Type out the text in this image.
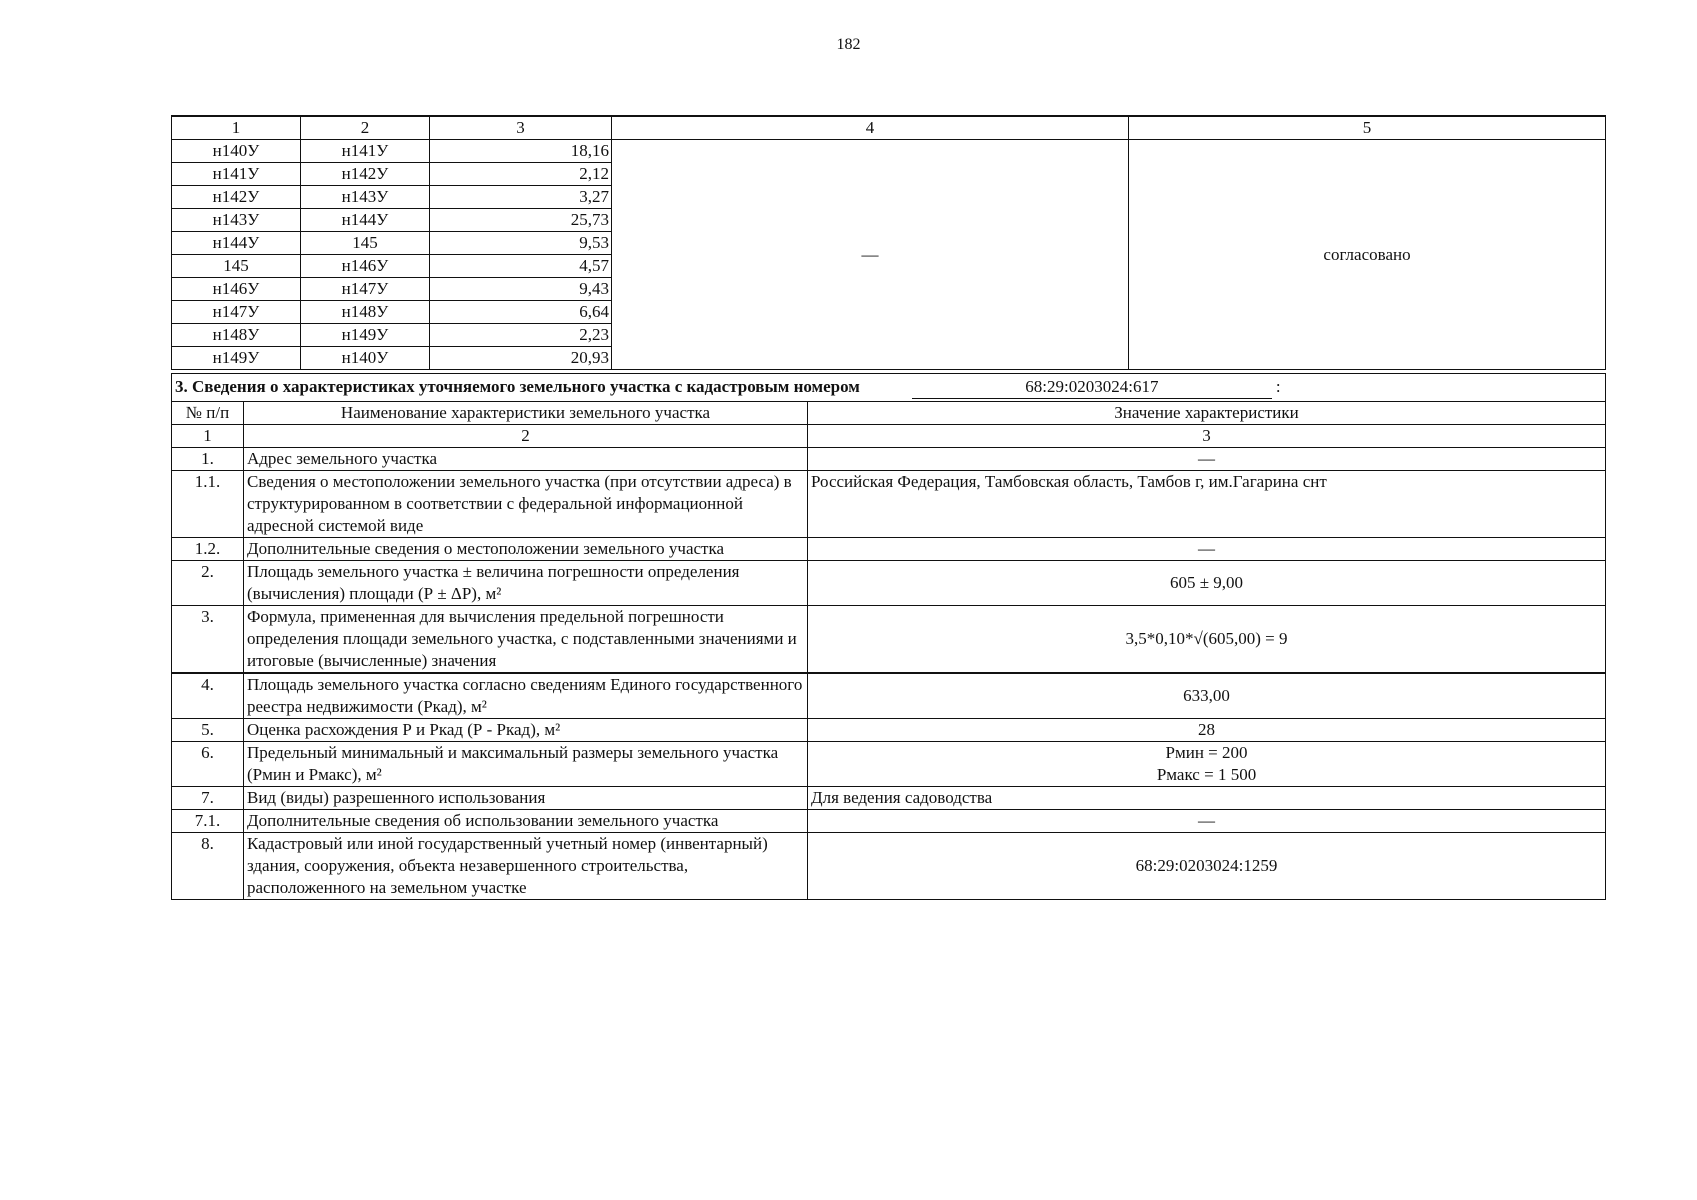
182
1	2	3	4	5
н140У	н141У	18,16	—	согласовано
н141У	н142У	2,12		
н142У	н143У	3,27		
н143У	н144У	25,73		
н144У	145	9,53		
145	н146У	4,57		
н146У	н147У	9,43		
н147У	н148У	6,64		
н148У	н149У	2,23		
н149У	н140У	20,93		
3. Сведения о характеристиках уточняемого земельного участка с кадастровым номером 68:29:0203024:617 :		
№ п/п	Наименование характеристики земельного участка	Значение характеристики
1	2	3
1.	Адрес земельного участка	—
1.1.	Сведения о местоположении земельного участка (при отсутствии адреса) в структурированном в соответствии с федеральной информационной адресной системой виде	Российская Федерация, Тамбовская область, Тамбов г, им.Гагарина снт
1.2.	Дополнительные сведения о местоположении земельного участка	—
2.	Площадь земельного участка ± величина погрешности определения (вычисления) площади (Р ± ΔР), м²	605 ± 9,00
3.	Формула, примененная для вычисления предельной погрешности определения площади земельного участка, с подставленными значениями и итоговые (вычисленные) значения	3,5*0,10*√(605,00) = 9
4.	Площадь земельного участка согласно сведениям Единого государственного реестра недвижимости (Ркад), м²	633,00
5.	Оценка расхождения Р и Ркад (Р - Ркад), м²	28
6.	Предельный минимальный и максимальный размеры земельного участка (Рмин и Рмакс), м²	Рмин = 200
Рмакс = 1 500

7.	Вид (виды) разрешенного использования	Для ведения садоводства
7.1.	Дополнительные сведения об использовании земельного участка	—
8.	Кадастровый или иной государственный учетный номер (инвентарный) здания, сооружения, объекта незавершенного строительства, расположенного на земельном участке	68:29:0203024:1259
